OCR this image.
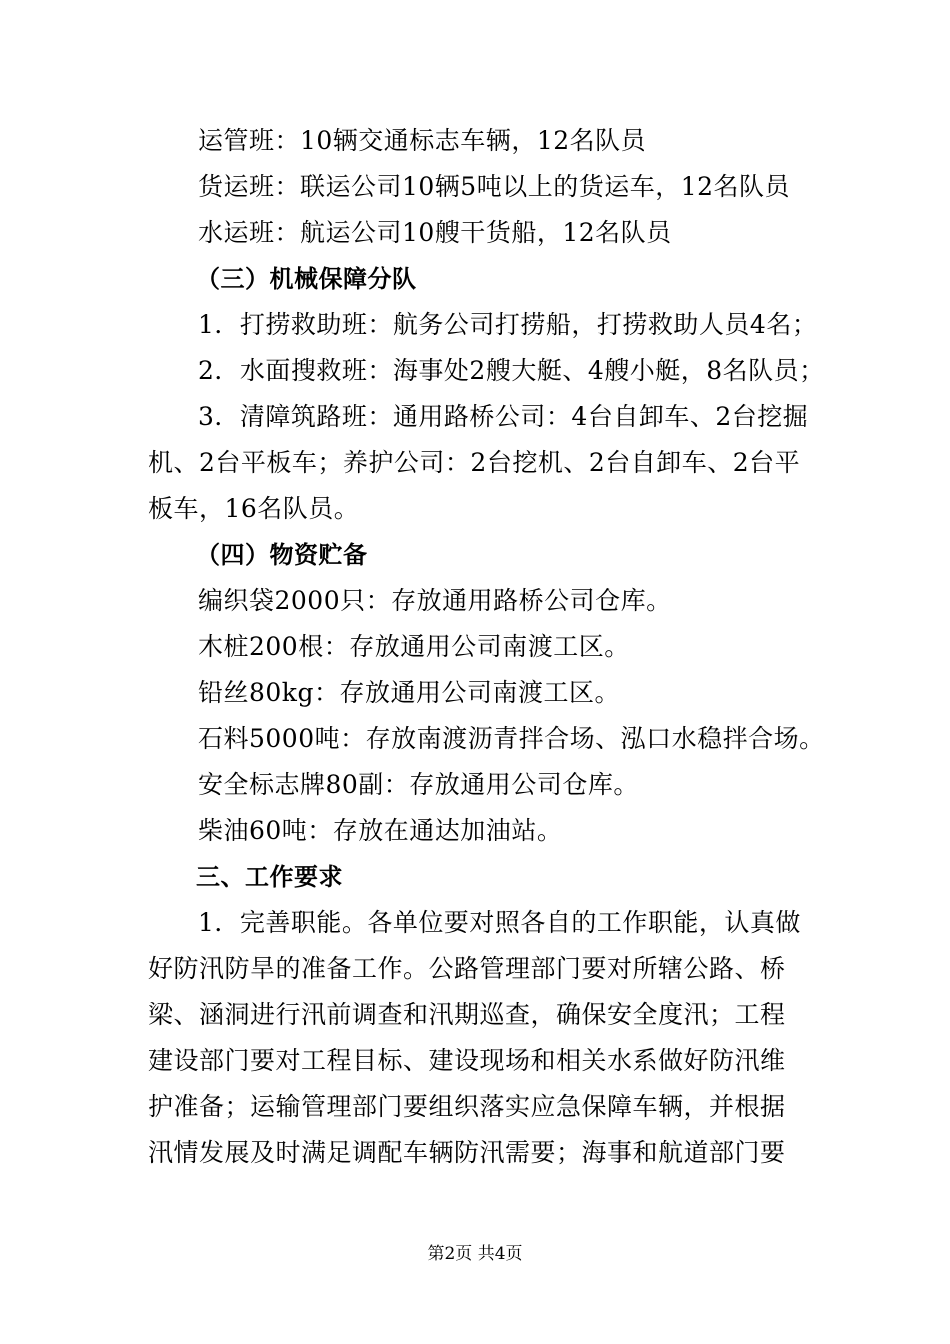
运管班：10辆交通标志车辆，12名队员
货运班：联运公司10辆5吨以上的货运车，12名队员
水运班：航运公司10艘干货船，12名队员
（三）机械保障分队
1．打捞救助班：航务公司打捞船，打捞救助人员4名；
2．水面搜救班：海事处2艘大艇、4艘小艇，8名队员；
3．清障筑路班：通用路桥公司：4台自卸车、2台挖掘
机、2台平板车；养护公司：2台挖机、2台自卸车、2台平
板车，16名队员。
（四）物资贮备
编织袋2000只：存放通用路桥公司仓库。
木桩200根：存放通用公司南渡工区。
铅丝80kg：存放通用公司南渡工区。
石料5000吨：存放南渡沥青拌合场、泓口水稳拌合场。
安全标志牌80副：存放通用公司仓库。
柴油60吨：存放在通达加油站。
三、工作要求
1．完善职能。各单位要对照各自的工作职能，认真做
好防汛防旱的准备工作。公路管理部门要对所辖公路、桥
梁、涵洞进行汛前调查和汛期巡查，确保安全度汛；工程
建设部门要对工程目标、建设现场和相关水系做好防汛维
护准备；运输管理部门要组织落实应急保障车辆，并根据
汛情发展及时满足调配车辆防汛需要；海事和航道部门要
第2页 共4页
